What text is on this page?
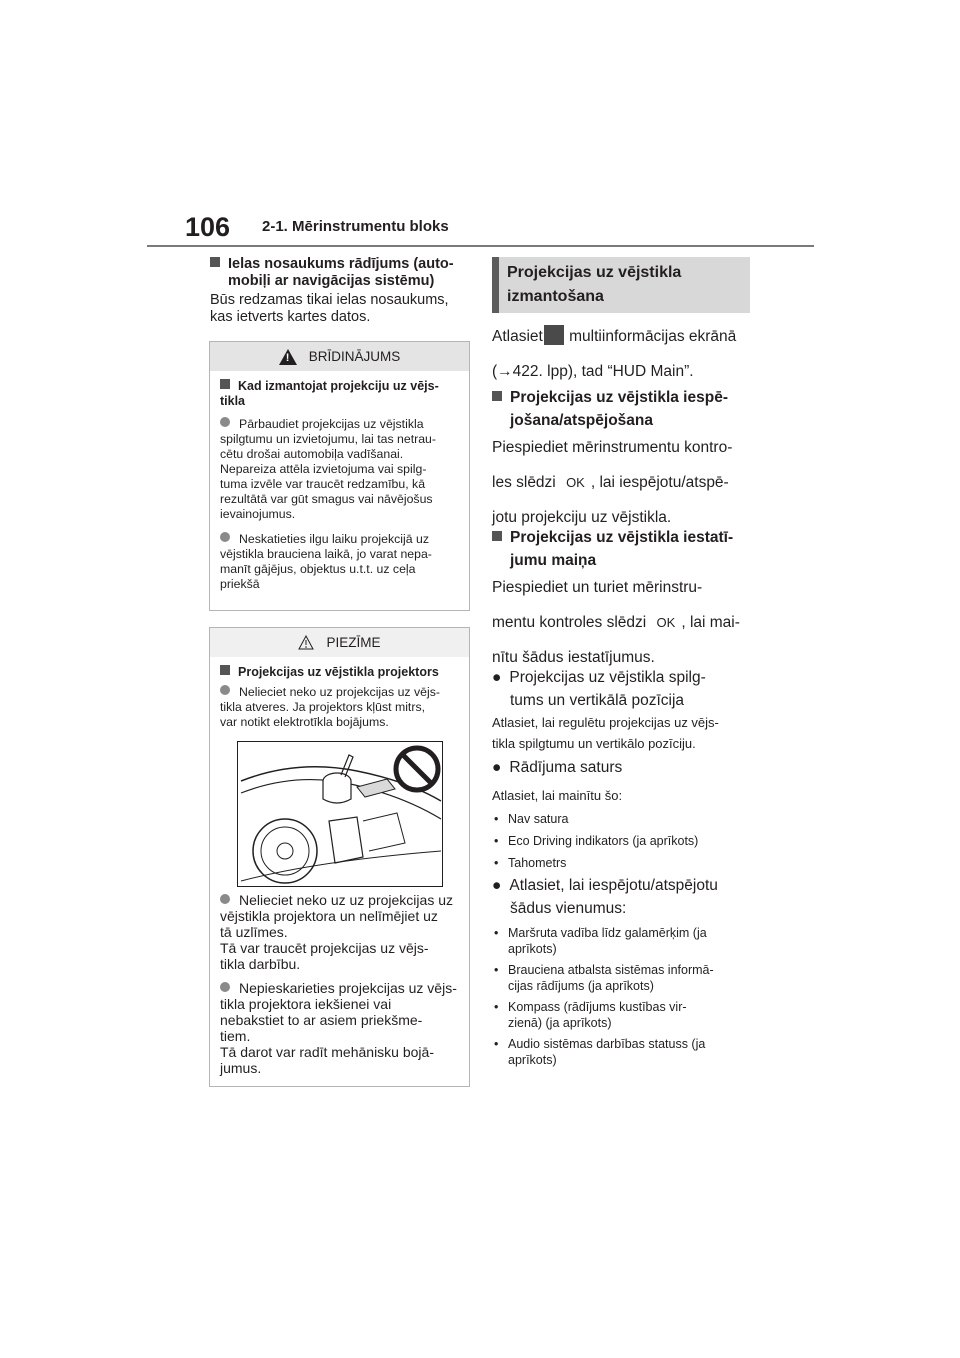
106 2-1. Mērinstrumentu bloks
Ielas nosaukums rādījums (auto-
mobiļi ar navigācijas sistēmu)
Būs redzamas tikai ielas nosaukums,
kas ietverts kartes datos.
! BRĪDINĀJUMS
Kad izmantojat projekciju uz vējs-
tikla
Pārbaudiet projekcijas uz vējstikla
spilgtumu un izvietojumu, lai tas netrau-
cētu drošai automobiļa vadīšanai.
Nepareiza attēla izvietojuma vai spilg-
tuma izvēle var traucēt redzamību, kā
rezultātā var gūt smagus vai nāvējošus
ievainojumus.
Neskatieties ilgu laiku projekcijā uz
vējstikla brauciena laikā, jo varat nepa-
manīt gājējus, objektus u.t.t. uz ceļa
priekšā
PIEZĪME
Projekcijas uz vējstikla projektors
Nelieciet neko uz projekcijas uz vējs-
tikla atveres. Ja projektors kļūst mitrs,
var notikt elektrotīkla bojājums.
Nelieciet neko uz uz projekcijas uz
vējstikla projektora un nelīmējiet uz
tā uzlīmes.
Tā var traucēt projekcijas uz vējs-
tikla darbību.
Nepieskarieties projekcijas uz vējs-
tikla projektora iekšienei vai
nebakstiet to ar asiem priekšme-
tiem.
Tā darot var radīt mehānisku bojā-
jumus.
Projekcijas uz vējstikla
izmantošana
Atlasiet multiinformācijas ekrānā
(→422. lpp), tad “HUD Main”.
Projekcijas uz vējstikla iespē-
jošana/atspējošana
Piespiediet mērinstrumentu kontro-
les slēdzi OK , lai iespējotu/atspē-
jotu projekciju uz vējstikla.
Projekcijas uz vējstikla iestatī-
jumu maiņa
Piespiediet un turiet mērinstru-
mentu kontroles slēdzi OK , lai mai-
nītu šādus iestatījumus.
● Projekcijas uz vējstikla spilg-
tums un vertikālā pozīcija
Atlasiet, lai regulētu projekcijas uz vējs-
tikla spilgtumu un vertikālo pozīciju.
● Rādījuma saturs
Atlasiet, lai mainītu šo:
• Nav satura
• Eco Driving indikators (ja aprīkots)
• Tahometrs
● Atlasiet, lai iespējotu/atspējotu
šādus vienumus:
• Maršruta vadība līdz galamērķim (ja
aprīkots)
• Brauciena atbalsta sistēmas informā-
cijas rādījums (ja aprīkots)
• Kompass (rādījums kustības vir-
zienā) (ja aprīkots)
• Audio sistēmas darbības statuss (ja
aprīkots)
